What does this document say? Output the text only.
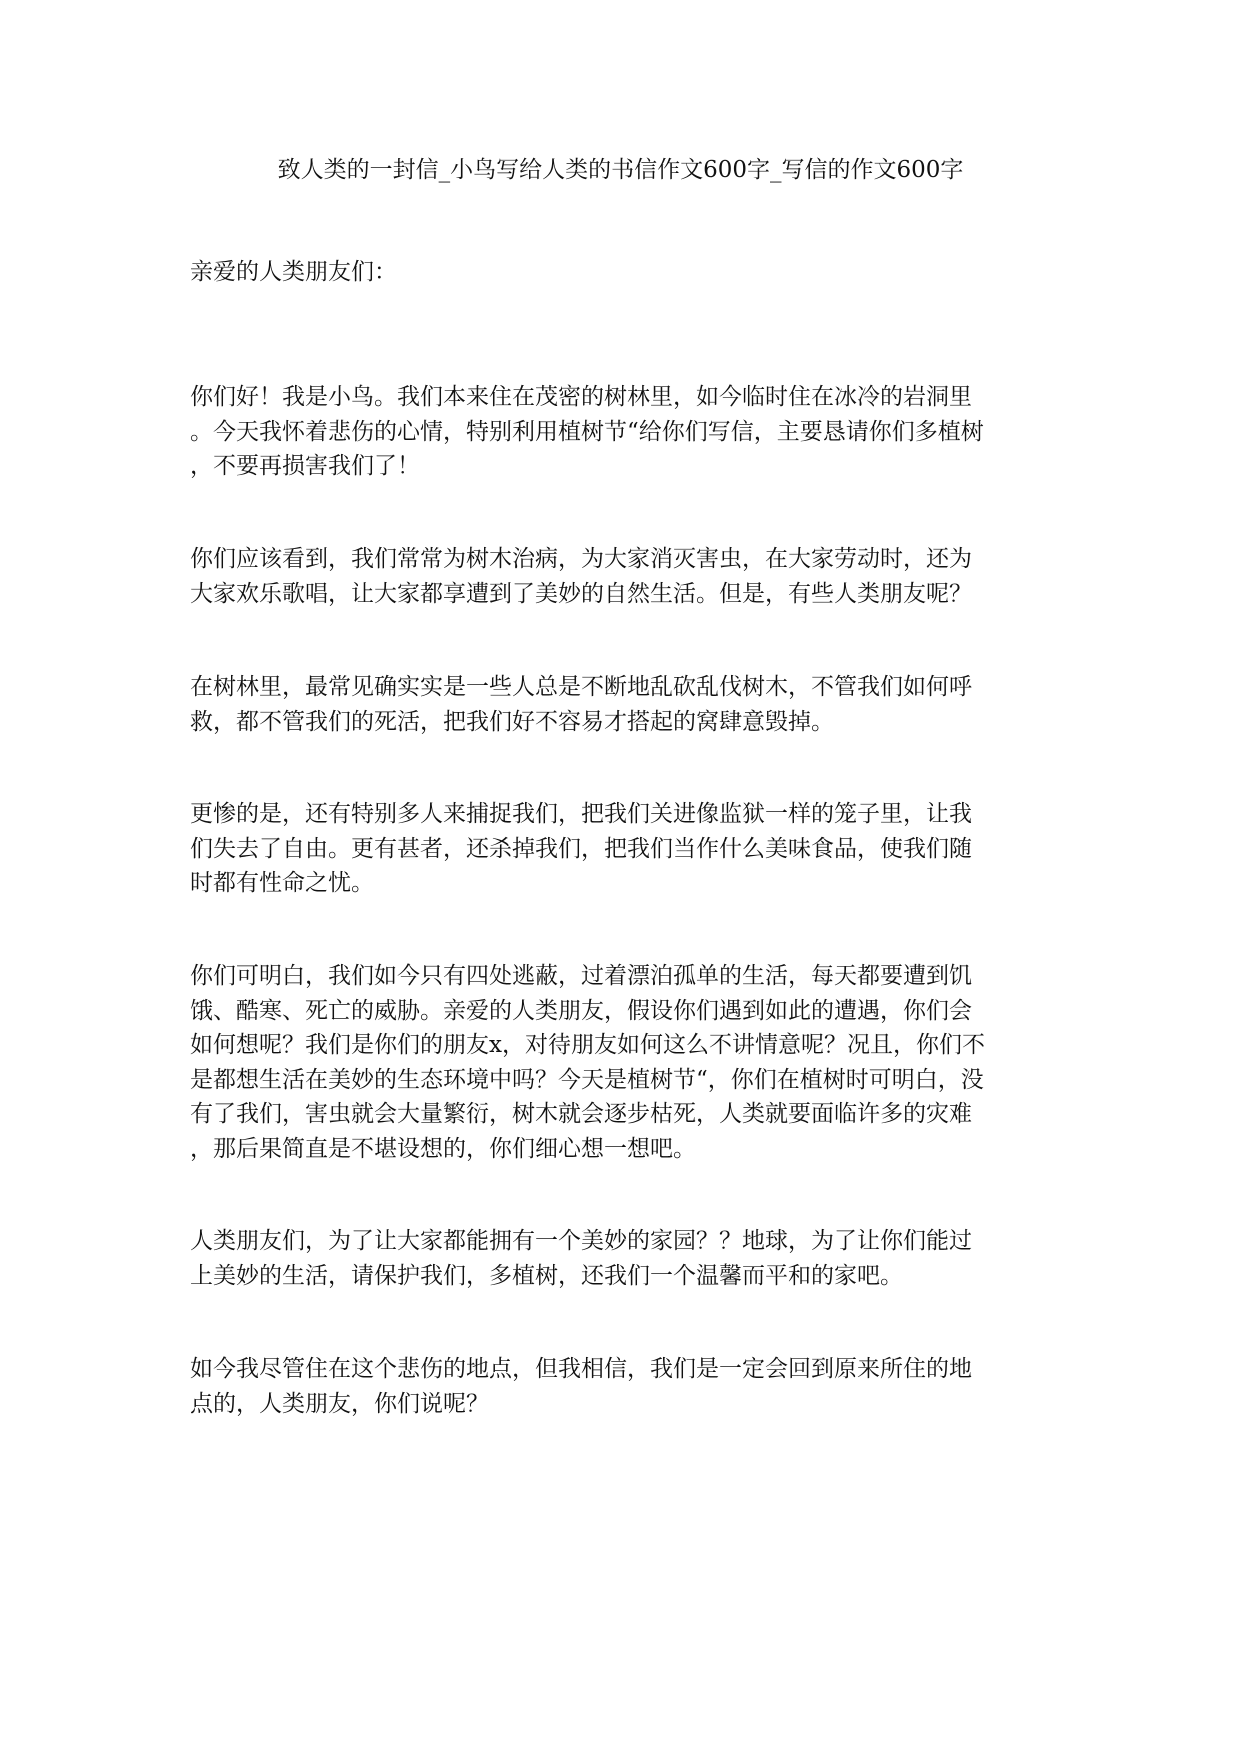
致人类的一封信_小鸟写给人类的书信作文600字_写信的作文600字

亲爱的人类朋友们：

你们好！我是小鸟。我们本来住在茂密的树林里，如今临时住在冰冷的岩洞里
。今天我怀着悲伤的心情，特别利用植树节“给你们写信，主要恳请你们多植树
，不要再损害我们了！

你们应该看到，我们常常为树木治病，为大家消灭害虫，在大家劳动时，还为
大家欢乐歌唱，让大家都享遭到了美妙的自然生活。但是，有些人类朋友呢？

在树林里，最常见确实实是一些人总是不断地乱砍乱伐树木，不管我们如何呼
救，都不管我们的死活，把我们好不容易才搭起的窝肆意毁掉。

更惨的是，还有特别多人来捕捉我们，把我们关进像监狱一样的笼子里，让我
们失去了自由。更有甚者，还杀掉我们，把我们当作什么美味食品，使我们随
时都有性命之忧。

你们可明白，我们如今只有四处逃蔽，过着漂泊孤单的生活，每天都要遭到饥
饿、酷寒、死亡的威胁。亲爱的人类朋友，假设你们遇到如此的遭遇，你们会
如何想呢？我们是你们的朋友x，对待朋友如何这么不讲情意呢？况且，你们不
是都想生活在美妙的生态环境中吗？今天是植树节“，你们在植树时可明白，没
有了我们，害虫就会大量繁衍，树木就会逐步枯死，人类就要面临许多的灾难
，那后果简直是不堪设想的，你们细心想一想吧。

人类朋友们，为了让大家都能拥有一个美妙的家园？？地球，为了让你们能过
上美妙的生活，请保护我们，多植树，还我们一个温馨而平和的家吧。

如今我尽管住在这个悲伤的地点，但我相信，我们是一定会回到原来所住的地
点的，人类朋友，你们说呢？
